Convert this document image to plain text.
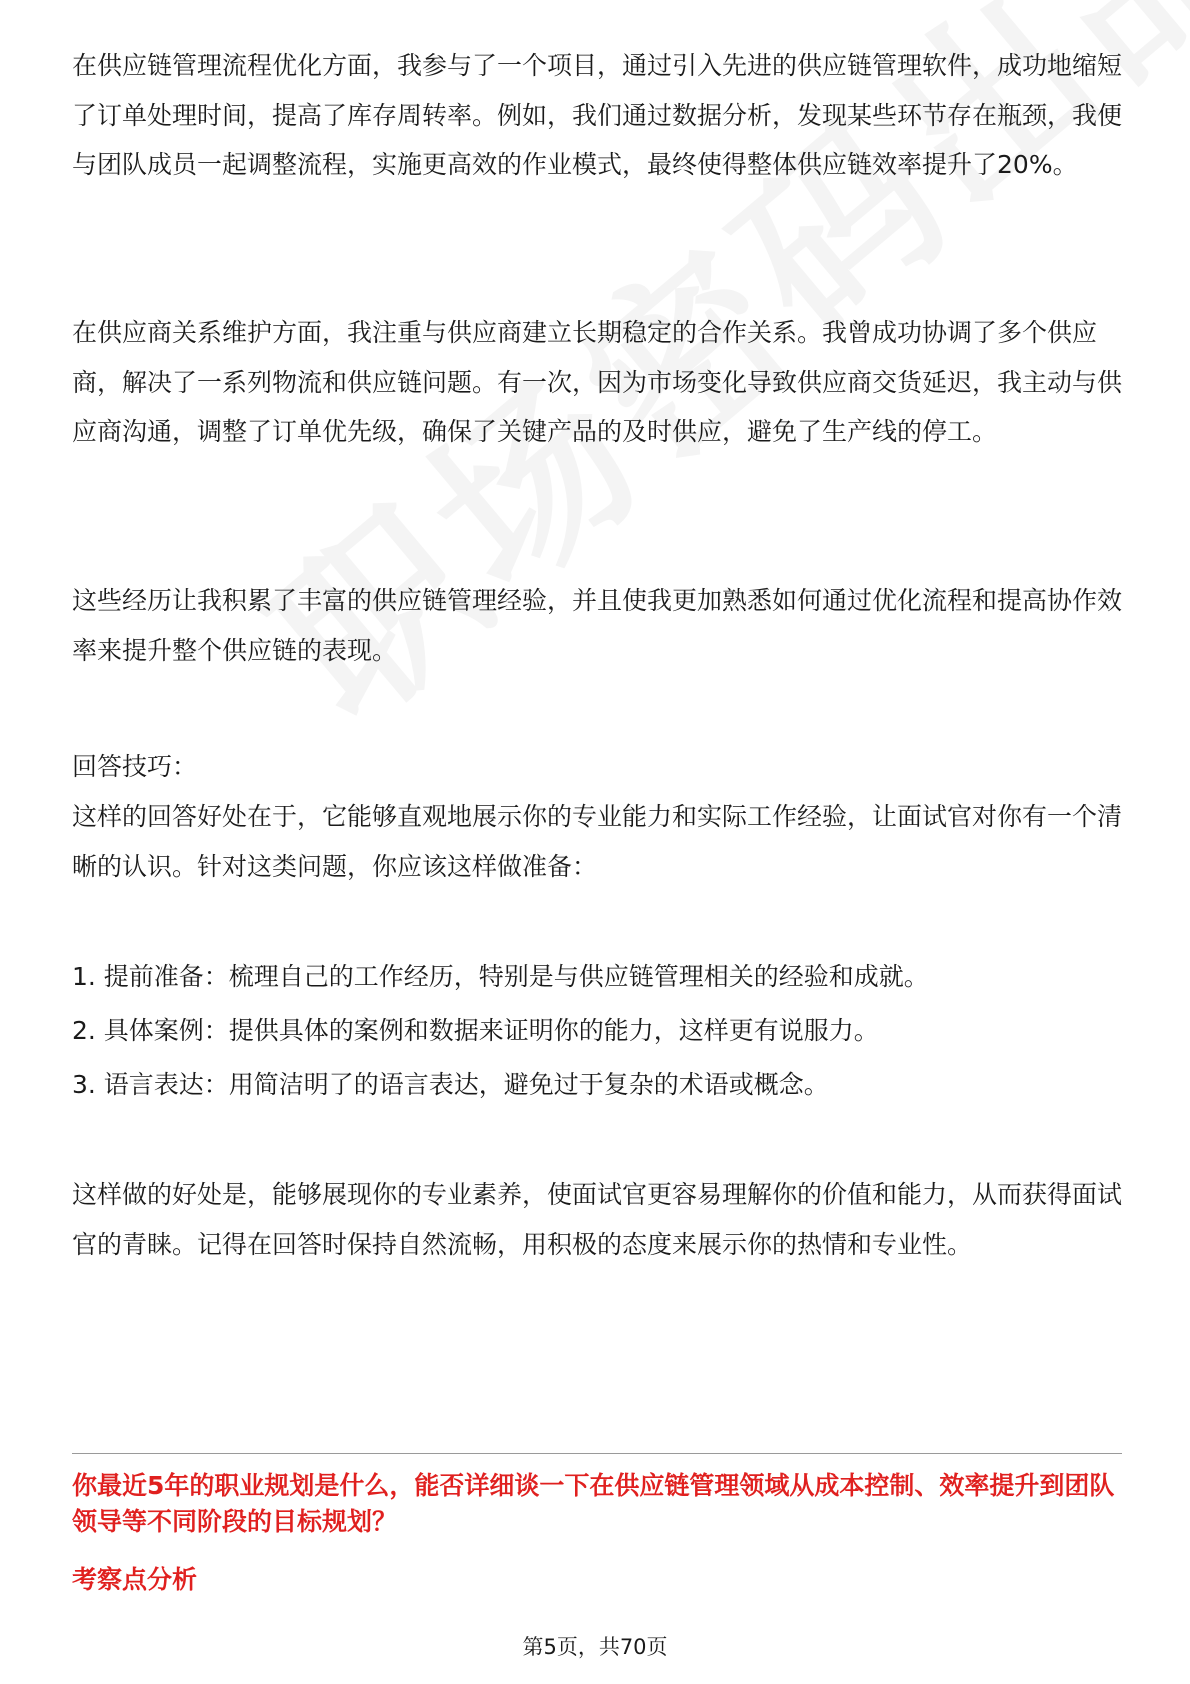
在供应链管理流程优化方面，我参与了一个项目，通过引入先进的供应链管理软件，成功地缩短了订单处理时间，提高了库存周转率。例如，我们通过数据分析，发现某些环节存在瓶颈，我便与团队成员一起调整流程，实施更高效的作业模式，最终使得整体供应链效率提升了20%。

在供应商关系维护方面，我注重与供应商建立长期稳定的合作关系。我曾成功协调了多个供应商，解决了一系列物流和供应链问题。有一次，因为市场变化导致供应商交货延迟，我主动与供应商沟通，调整了订单优先级，确保了关键产品的及时供应，避免了生产线的停工。

这些经历让我积累了丰富的供应链管理经验，并且使我更加熟悉如何通过优化流程和提高协作效率来提升整个供应链的表现。

回答技巧：

这样的回答好处在于，它能够直观地展示你的专业能力和实际工作经验，让面试官对你有一个清晰的认识。针对这类问题，你应该这样做准备：

1. 提前准备：梳理自己的工作经历，特别是与供应链管理相关的经验和成就。

2. 具体案例：提供具体的案例和数据来证明你的能力，这样更有说服力。

3. 语言表达：用简洁明了的语言表达，避免过于复杂的术语或概念。

这样做的好处是，能够展现你的专业素养，使面试官更容易理解你的价值和能力，从而获得面试官的青睐。记得在回答时保持自然流畅，用积极的态度来展示你的热情和专业性。

你最近5年的职业规划是什么，能否详细谈一下在供应链管理领域从成本控制、效率提升到团队领导等不同阶段的目标规划？

考察点分析

第5页，共70页
